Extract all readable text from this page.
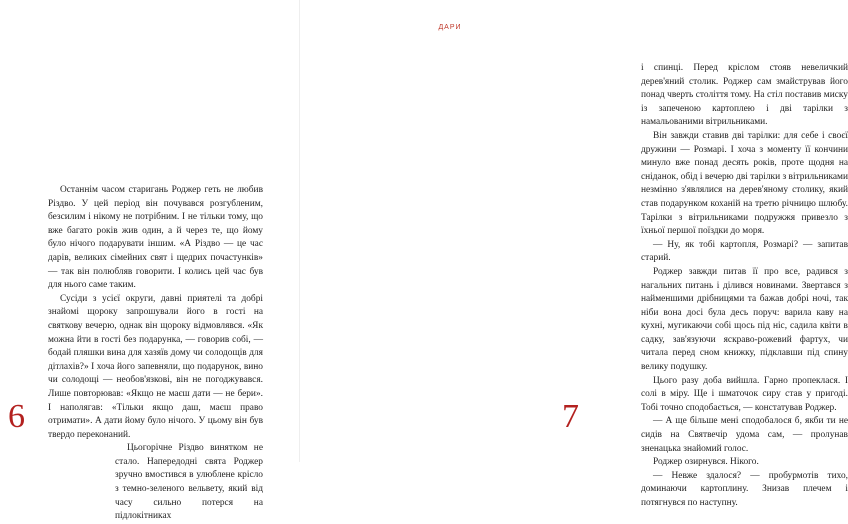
Останнім часом старигань Роджер геть не любив Різдво. У цей період він почувався розгубленим, безсилим і нікому не потрібним. І не тільки тому, що вже багато років жив один, а й через те, що йому було нічого подарувати іншим. «А Різдво — це час дарів, великих сімейних свят і щедрих почастунків» — так він полюбляв говорити. І колись цей час був для нього саме таким.

Сусіди з усієї округи, давні приятелі та добрі знайомі щороку запрошували його в гості на святкову вечерю, однак він щороку відмовлявся. «Як можна йти в гості без подарунка, — говорив собі, — бодай пляшки вина для хазяїв дому чи солодощів для дітлахів?» І хоча його запевняли, що подарунок, вино чи солодощі — необов'язкові, він не погоджувався. Лише повторював: «Якщо не маєш дати — не бери». І наполягав: «Тільки якщо даш, маєш право отримати». А дати йому було нічого. У цьому він був твердо переконаний.

Цьогорічне Різдво винятком не стало. Напередодні свята Роджер зручно вмостився в улюблене крісло з темно-зеленого вельвету, який від часу сильно потерся на підлокітниках

6
ДАРИ

і спинці. Перед кріслом стояв невеличкий дерев'яний столик. Роджер сам змайстрував його понад чверть століття тому. На стіл поставив миску із запеченою картоплею і дві тарілки з намальованими вітрильниками.

Він завжди ставив дві тарілки: для себе і своєї дружини — Розмарі. І хоча з моменту її кончини минуло вже понад десять років, проте щодня на сніданок, обід і вечерю дві тарілки з вітрильниками незмінно з'являлися на дерев'яному столику, який став подарунком коханій на третю річницю шлюбу. Тарілки з вітрильниками подружжя привезло з їхньої першої поїздки до моря.

— Ну, як тобі картопля, Розмарі? — запитав старий.

Роджер завжди питав її про все, радився з нагальних питань і ділився новинами. Звертався з найменшими дрібницями та бажав добрі ночі, так ніби вона досі була десь поруч: варила каву на кухні, мугикаючи собі щось під ніс, садила квіти в садку, зав'язуючи яскраво-рожевий фартух, чи читала перед сном книжку, підклавши під спину велику подушку.

Цього разу доба вийшла. Гарно пропеклася. І солі в міру. Ще і шматочок сиру став у пригоді. Тобі точно сподобається, — констатував Роджер.

— А ще більше мені сподобалося б, якби ти не сидів на Святвечір удома сам, — пролунав зненацька знайомий голос.

Роджер озирнувся. Нікого.

— Невже здалося? — пробурмотів тихо, доминаючи картоплину. Знизав плечем і потягнувся по наступну.

7
